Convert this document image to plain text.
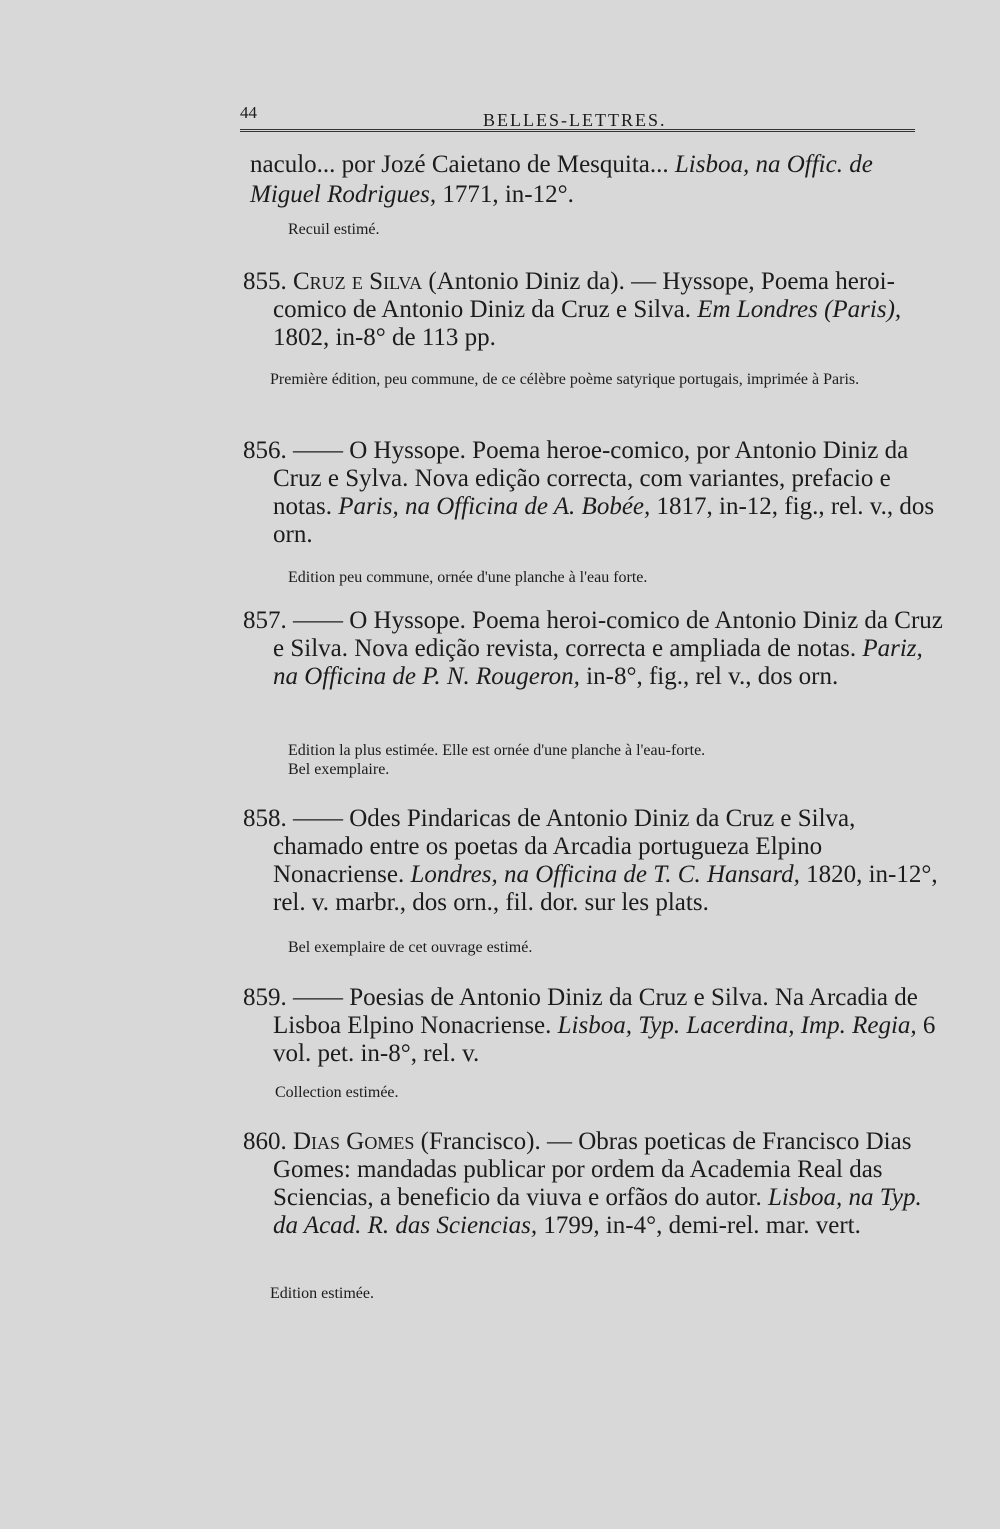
44	BELLES-LETTRES.
naculo... por Jozé Caietano de Mesquita... Lisboa, na Offic. de Miguel Rodrigues, 1771, in-12°.
Recuil estimé.
855. Cruz e Silva (Antonio Diniz da). — Hyssope, Poema heroi-comico de Antonio Diniz da Cruz e Silva. Em Londres (Paris), 1802, in-8° de 113 pp.
Première édition, peu commune, de ce célèbre poème satyrique portugais, imprimée à Paris.
856. —— O Hyssope. Poema heroe-comico, por Antonio Diniz da Cruz e Sylva. Nova edição correcta, com variantes, prefacio e notas. Paris, na Officina de A. Bobée, 1817, in-12, fig., rel. v., dos orn.
Edition peu commune, ornée d'une planche à l'eau forte.
857. —— O Hyssope. Poema heroi-comico de Antonio Diniz da Cruz e Silva. Nova edição revista, correcta e ampliada de notas. Pariz, na Officina de P. N. Rougeron, in-8°, fig., rel v., dos orn.
Edition la plus estimée. Elle est ornée d'une planche à l'eau-forte.
Bel exemplaire.
858. —— Odes Pindaricas de Antonio Diniz da Cruz e Silva, chamado entre os poetas da Arcadia portugueza Elpino Nonacriense. Londres, na Officina de T. C. Hansard, 1820, in-12°, rel. v. marbr., dos orn., fil. dor. sur les plats.
Bel exemplaire de cet ouvrage estimé.
859. —— Poesias de Antonio Diniz da Cruz e Silva. Na Arcadia de Lisboa Elpino Nonacriense. Lisboa, Typ. Lacerdina, Imp. Regia, 6 vol. pet. in-8°, rel. v.
Collection estimée.
860. Dias Gomes (Francisco). — Obras poeticas de Francisco Dias Gomes: mandadas publicar por ordem da Academia Real das Sciencias, a beneficio da viuva e orfãos do autor. Lisboa, na Typ. da Acad. R. das Sciencias, 1799, in-4°, demi-rel. mar. vert.
Edition estimée.
